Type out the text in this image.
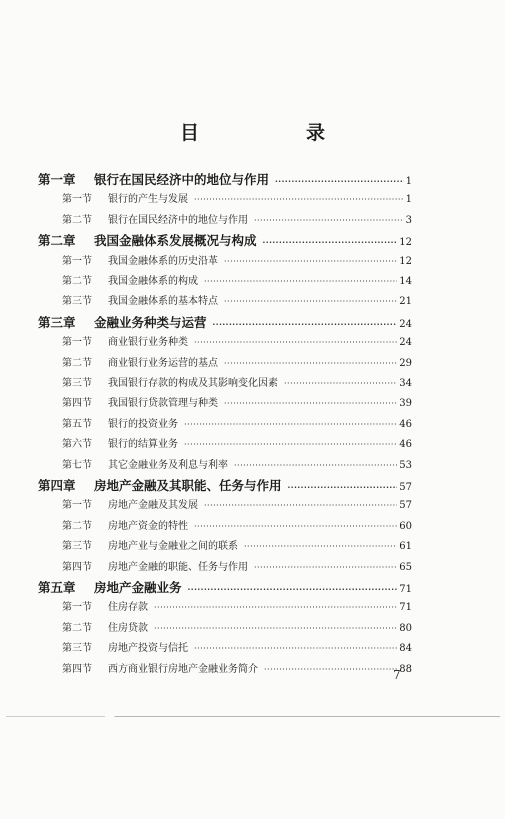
目　录
第一章	银行在国民经济中的地位与作用 ·····	1
第一节	银行的产生与发展 ·····	1
第二节	银行在国民经济中的地位与作用 ·····	3
第二章	我国金融体系发展概况与构成 ·····	12
第一节	我国金融体系的历史沿革 ·····	12
第二节	我国金融体系的构成 ·····	14
第三节	我国金融体系的基本特点 ·····	21
第三章	金融业务种类与运营 ·····	24
第一节	商业银行业务种类 ·····	24
第二节	商业银行业务运营的基点 ·····	29
第三节	我国银行存款的构成及其影响变化因素 ·····	34
第四节	我国银行贷款管理与种类 ·····	39
第五节	银行的投资业务 ·····	46
第六节	银行的结算业务 ·····	46
第七节	其它金融业务及利息与利率 ·····	53
第四章	房地产金融及其职能、任务与作用 ·····	57
第一节	房地产金融及其发展 ·····	57
第二节	房地产资金的特性 ·····	60
第三节	房地产业与金融业之间的联系 ·····	61
第四节	房地产金融的职能、任务与作用 ·····	65
第五章	房地产金融业务 ·····	71
第一节	住房存款 ·····	71
第二节	住房贷款 ·····	80
第三节	房地产投资与信托 ·····	84
第四节	西方商业银行房地产金融业务简介 ·····	88
7
